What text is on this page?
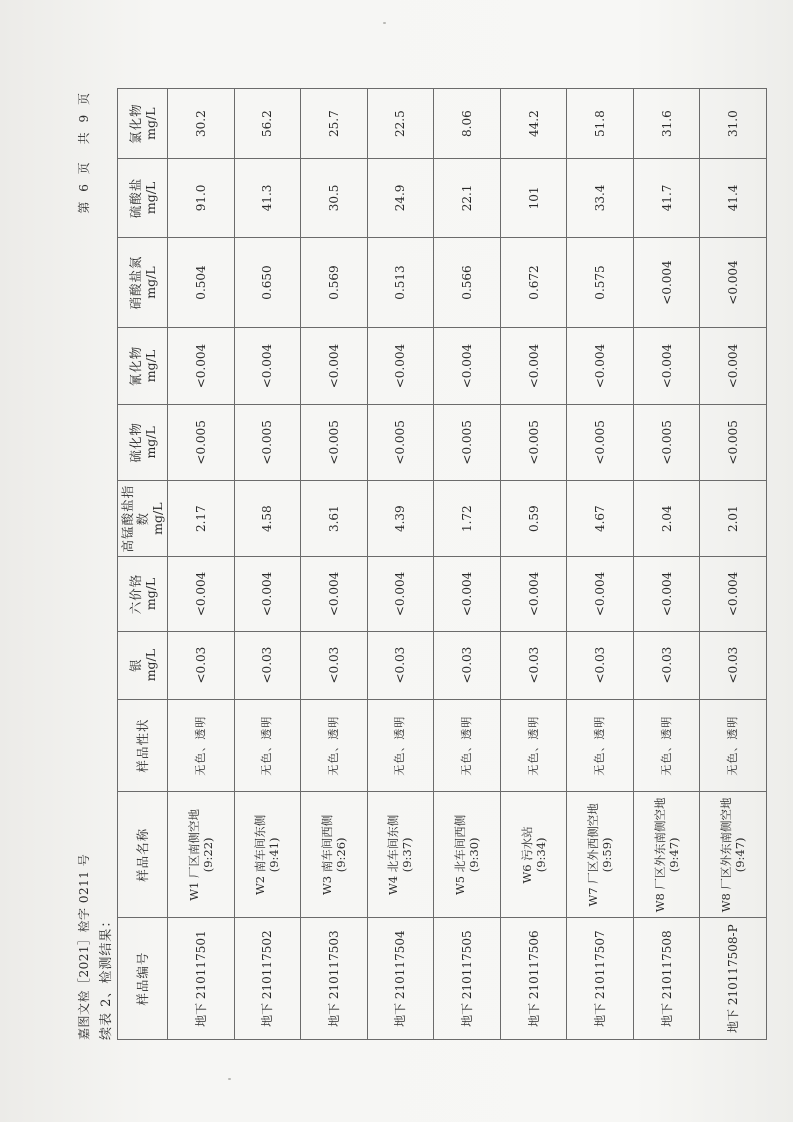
嘉图文检［2021］检字 0211 号
第 6 页　共 9 页
续表 2、检测结果： 样品编号	样品名称	样品性状	银 mg/L	六价铬 mg/L	高锰酸盐指数 mg/L	硫化物 mg/L	氰化物 mg/L	硝酸盐氮 mg/L	硫酸盐 mg/L	氯化物 mg/L

地下 210117501	W1 厂区南侧空地 (9:22)	无色、透明	<0.03	<0.004	2.17	<0.005	<0.004	0.504	91.0	30.2
地下 210117502	W2 南车间东侧 (9:41)	无色、透明	<0.03	<0.004	4.58	<0.005	<0.004	0.650	41.3	56.2
地下 210117503	W3 南车间西侧 (9:26)	无色、透明	<0.03	<0.004	3.61	<0.005	<0.004	0.569	30.5	25.7
地下 210117504	W4 北车间东侧 (9:37)	无色、透明	<0.03	<0.004	4.39	<0.005	<0.004	0.513	24.9	22.5
地下 210117505	W5 北车间西侧 (9:30)	无色、透明	<0.03	<0.004	1.72	<0.005	<0.004	0.566	22.1	8.06
地下 210117506	W6 污水站 (9:34)	无色、透明	<0.03	<0.004	0.59	<0.005	<0.004	0.672	101	44.2
地下 210117507	W7 厂区外西侧空地 (9:59)	无色、透明	<0.03	<0.004	4.67	<0.005	<0.004	0.575	33.4	51.8
地下 210117508	W8 厂区外东南侧空地 (9:47)	无色、透明	<0.03	<0.004	2.04	<0.005	<0.004	<0.004	41.7	31.6
地下 210117508-P	W8 厂区外东南侧空地 (9:47)	无色、透明	<0.03	<0.004	2.01	<0.005	<0.004	<0.004	41.4	31.0
